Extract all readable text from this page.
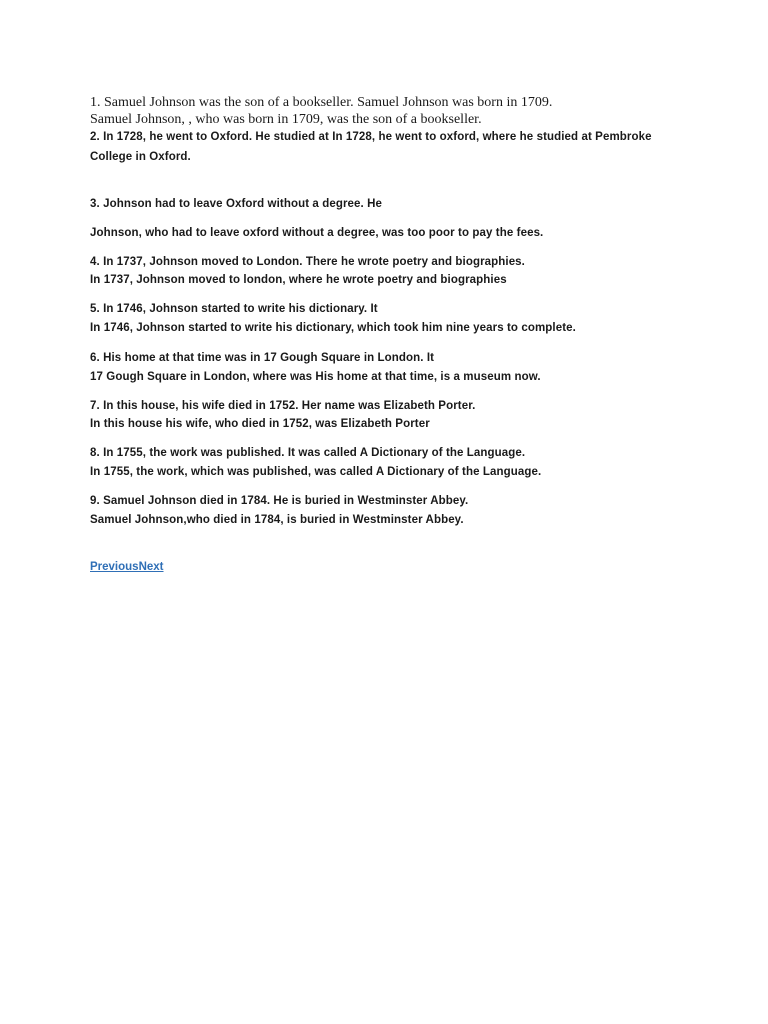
1. Samuel Johnson was the son of a bookseller. Samuel Johnson was born in 1709.
Samuel Johnson, , who was born in 1709, was the son of a bookseller.
2. In 1728, he went to Oxford. He studied at In 1728, he went to oxford, where he studied at Pembroke
College in Oxford.
3. Johnson had to leave Oxford without a degree. He
Johnson, who had to leave oxford without a degree, was too poor to pay the fees.
4. In 1737, Johnson moved to London. There he wrote poetry and biographies.
In 1737, Johnson moved to london, where he wrote poetry and biographies
5. In 1746, Johnson started to write his dictionary. It
In 1746, Johnson started to write his dictionary, which took him nine years to complete.
6. His home at that time was in 17 Gough Square in London. It
17 Gough Square in London, where was His home at that time, is a museum now.
7. In this house, his wife died in 1752. Her name was Elizabeth Porter.
In this house his wife, who died in 1752, was Elizabeth Porter
8. In 1755, the work was published. It was called A Dictionary of the Language.
In 1755, the work, which was published, was called A Dictionary of the Language.
9. Samuel Johnson died in 1784. He is buried in Westminster Abbey.
Samuel Johnson,who died in 1784, is buried in Westminster Abbey.
PreviousNext
